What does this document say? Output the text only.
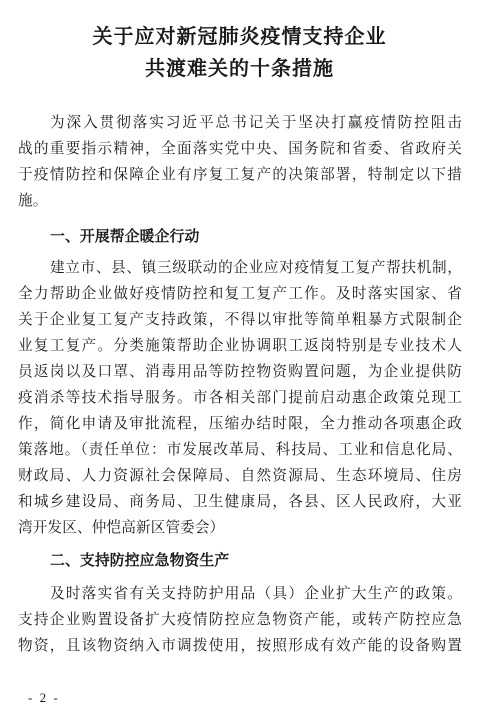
关于应对新冠肺炎疫情支持企业
共渡难关的十条措施
为深入贯彻落实习近平总书记关于坚决打赢疫情防控阻击
战的重要指示精神，全面落实党中央、国务院和省委、省政府关
于疫情防控和保障企业有序复工复产的决策部署，特制定以下措
施。
一、开展帮企暖企行动
建立市、县、镇三级联动的企业应对疫情复工复产帮扶机制，
全力帮助企业做好疫情防控和复工复产工作。及时落实国家、省
关于企业复工复产支持政策，不得以审批等简单粗暴方式限制企
业复工复产。分类施策帮助企业协调职工返岗特别是专业技术人
员返岗以及口罩、消毒用品等防控物资购置问题，为企业提供防
疫消杀等技术指导服务。市各相关部门提前启动惠企政策兑现工
作，简化申请及审批流程，压缩办结时限，全力推动各项惠企政
策落地。（责任单位：市发展改革局、科技局、工业和信息化局、
财政局、人力资源社会保障局、自然资源局、生态环境局、住房
和城乡建设局、商务局、卫生健康局，各县、区人民政府，大亚
湾开发区、仲恺高新区管委会）
二、支持防控应急物资生产
及时落实省有关支持防护用品（具）企业扩大生产的政策。
支持企业购置设备扩大疫情防控应急物资产能，或转产防控应急
物资，且该物资纳入市调拨使用，按照形成有效产能的设备购置
- 2 -
